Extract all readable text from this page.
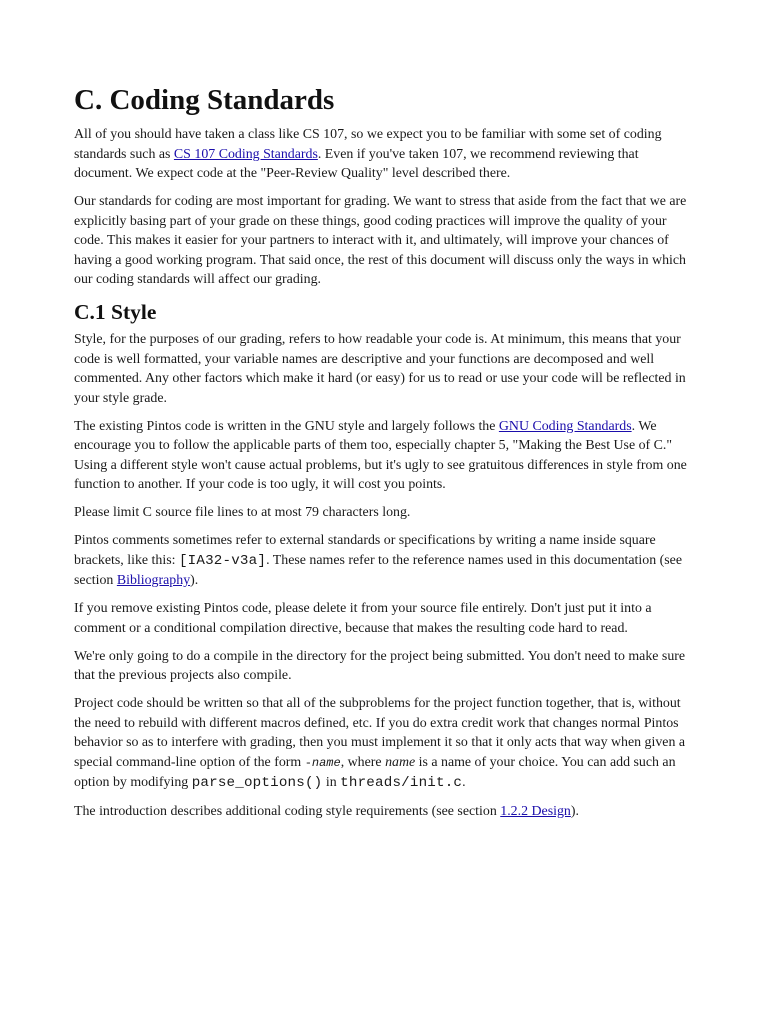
C. Coding Standards

All of you should have taken a class like CS 107, so we expect you to be familiar with some set of coding standards such as CS 107 Coding Standards. Even if you've taken 107, we recommend reviewing that document. We expect code at the "Peer-Review Quality" level described there.

Our standards for coding are most important for grading. We want to stress that aside from the fact that we are explicitly basing part of your grade on these things, good coding practices will improve the quality of your code. This makes it easier for your partners to interact with it, and ultimately, will improve your chances of having a good working program. That said once, the rest of this document will discuss only the ways in which our coding standards will affect our grading.

C.1 Style

Style, for the purposes of our grading, refers to how readable your code is. At minimum, this means that your code is well formatted, your variable names are descriptive and your functions are decomposed and well commented. Any other factors which make it hard (or easy) for us to read or use your code will be reflected in your style grade.

The existing Pintos code is written in the GNU style and largely follows the GNU Coding Standards. We encourage you to follow the applicable parts of them too, especially chapter 5, "Making the Best Use of C." Using a different style won't cause actual problems, but it's ugly to see gratuitous differences in style from one function to another. If your code is too ugly, it will cost you points.

Please limit C source file lines to at most 79 characters long.

Pintos comments sometimes refer to external standards or specifications by writing a name inside square brackets, like this: [IA32-v3a]. These names refer to the reference names used in this documentation (see section Bibliography).

If you remove existing Pintos code, please delete it from your source file entirely. Don't just put it into a comment or a conditional compilation directive, because that makes the resulting code hard to read.

We're only going to do a compile in the directory for the project being submitted. You don't need to make sure that the previous projects also compile.

Project code should be written so that all of the subproblems for the project function together, that is, without the need to rebuild with different macros defined, etc. If you do extra credit work that changes normal Pintos behavior so as to interfere with grading, then you must implement it so that it only acts that way when given a special command-line option of the form -name, where name is a name of your choice. You can add such an option by modifying parse_options() in threads/init.c.

The introduction describes additional coding style requirements (see section 1.2.2 Design).
